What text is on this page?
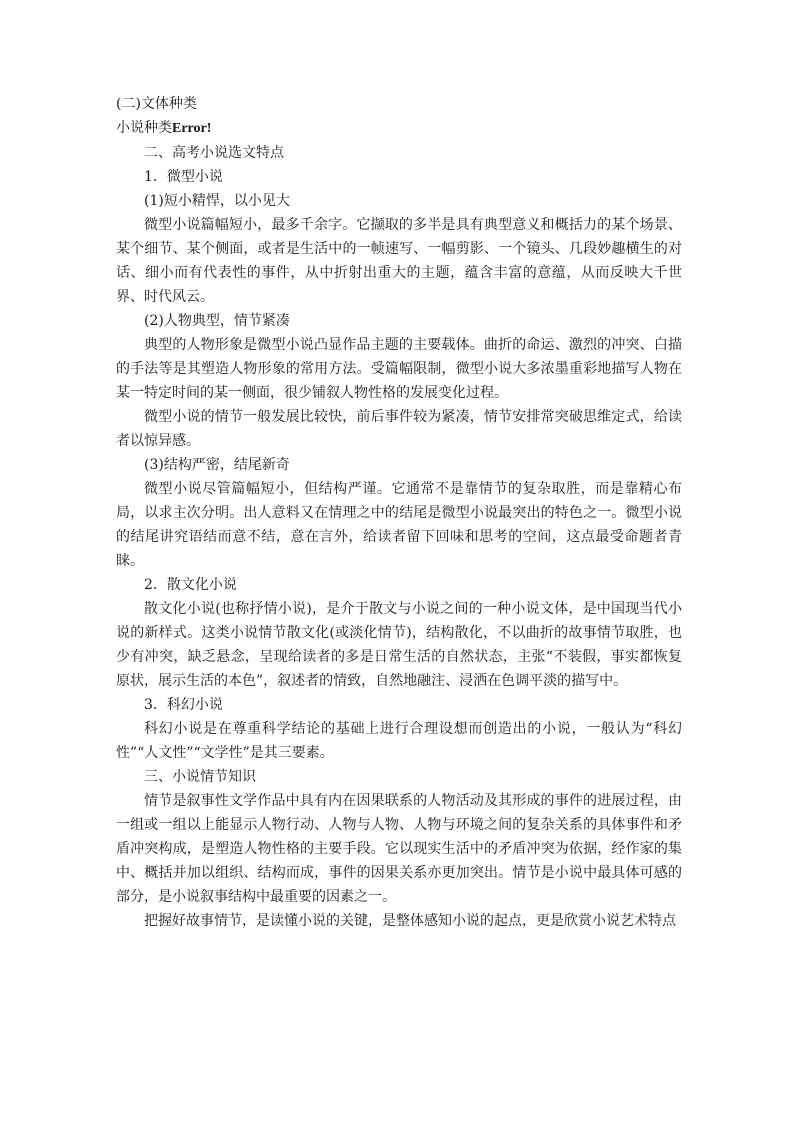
(二)文体种类

小说种类Error!

二、高考小说选文特点

1．微型小说

(1)短小精悍，以小见大

微型小说篇幅短小，最多千余字。它撷取的多半是具有典型意义和概括力的某个场景、某个细节、某个侧面，或者是生活中的一帧速写、一幅剪影、一个镜头、几段妙趣横生的对话、细小而有代表性的事件，从中折射出重大的主题，蕴含丰富的意蕴，从而反映大千世界、时代风云。

(2)人物典型，情节紧凑

典型的人物形象是微型小说凸显作品主题的主要载体。曲折的命运、激烈的冲突、白描的手法等是其塑造人物形象的常用方法。受篇幅限制，微型小说大多浓墨重彩地描写人物在某一特定时间的某一侧面，很少铺叙人物性格的发展变化过程。

微型小说的情节一般发展比较快，前后事件较为紧凑，情节安排常突破思维定式，给读者以惊异感。

(3)结构严密，结尾新奇

微型小说尽管篇幅短小，但结构严谨。它通常不是靠情节的复杂取胜，而是靠精心布局，以求主次分明。出人意料又在情理之中的结尾是微型小说最突出的特色之一。微型小说的结尾讲究语结而意不结，意在言外，给读者留下回味和思考的空间，这点最受命题者青睐。

2．散文化小说

散文化小说(也称抒情小说)，是介于散文与小说之间的一种小说文体，是中国现当代小说的新样式。这类小说情节散文化(或淡化情节)，结构散化，不以曲折的故事情节取胜，也少有冲突，缺乏悬念，呈现给读者的多是日常生活的自然状态，主张“不装假，事实都恢复原状，展示生活的本色”，叙述者的情致，自然地融注、浸洒在色调平淡的描写中。

3．科幻小说

科幻小说是在尊重科学结论的基础上进行合理设想而创造出的小说，一般认为“科幻性”“人文性”“文学性”是其三要素。

三、小说情节知识

情节是叙事性文学作品中具有内在因果联系的人物活动及其形成的事件的进展过程，由一组或一组以上能显示人物行动、人物与人物、人物与环境之间的复杂关系的具体事件和矛盾冲突构成，是塑造人物性格的主要手段。它以现实生活中的矛盾冲突为依据，经作家的集中、概括并加以组织、结构而成，事件的因果关系亦更加突出。情节是小说中最具体可感的部分，是小说叙事结构中最重要的因素之一。

把握好故事情节，是读懂小说的关键，是整体感知小说的起点，更是欣赏小说艺术特点
